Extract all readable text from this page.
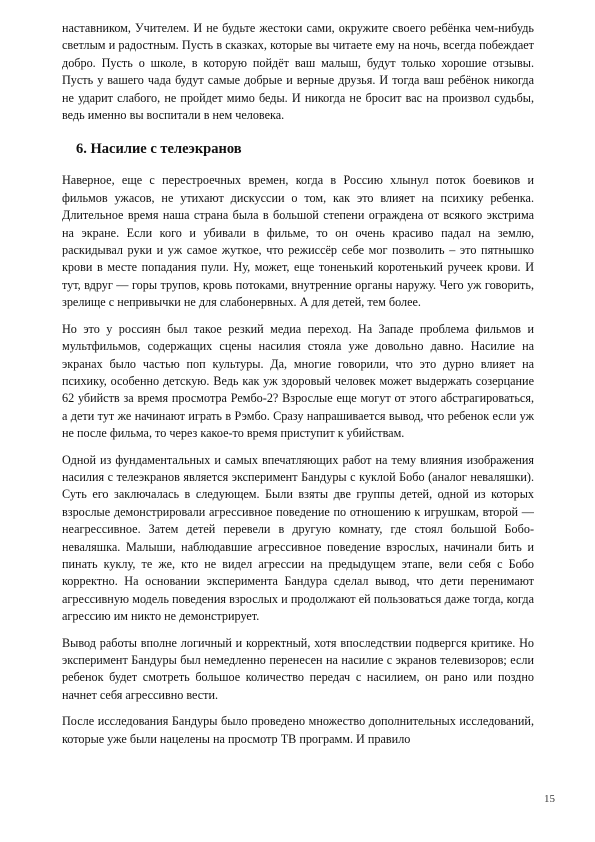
наставником, Учителем. И не будьте жестоки сами, окружите своего ребёнка чем-нибудь светлым и радостным. Пусть в сказках, которые вы читаете ему на ночь, всегда побеждает добро. Пусть о школе, в которую пойдёт ваш малыш, будут только хорошие отзывы. Пусть у вашего чада будут самые добрые и верные друзья. И тогда ваш ребёнок никогда не ударит слабого, не пройдет мимо беды. И никогда не бросит вас на произвол судьбы, ведь именно вы воспитали в нем человека.

6. Насилие с телеэкранов

Наверное, еще с перестроечных времен, когда в Россию хлынул поток боевиков и фильмов ужасов, не утихают дискуссии о том, как это влияет на психику ребенка. Длительное время наша страна была в большой степени ограждена от всякого экстрима на экране. Если кого и убивали в фильме, то он очень красиво падал на землю, раскидывал руки и уж самое жуткое, что режиссёр себе мог позволить – это пятнышко крови в месте попадания пули. Ну, может, еще тоненький коротенький ручеек крови. И тут, вдруг — горы трупов, кровь потоками, внутренние органы наружу. Чего уж говорить, зрелище с непривычки не для слабонервных. А для детей, тем более.

Но это у россиян был такое резкий медиа переход. На Западе проблема фильмов и мультфильмов, содержащих сцены насилия стояла уже довольно давно. Насилие на экранах было частью поп культуры. Да, многие говорили, что это дурно влияет на психику, особенно детскую. Ведь как уж здоровый человек может выдержать созерцание 62 убийств за время просмотра Рембо-2? Взрослые еще могут от этого абстрагироваться, а дети тут же начинают играть в Рэмбо. Сразу напрашивается вывод, что ребенок если уж не после фильма, то через какое-то время приступит к убийствам.

Одной из фундаментальных и самых впечатляющих работ на тему влияния изображения насилия с телеэкранов является эксперимент Бандуры с куклой Бобо (аналог неваляшки). Суть его заключалась в следующем. Были взяты две группы детей, одной из которых взрослые демонстрировали агрессивное поведение по отношению к игрушкам, второй — неагрессивное. Затем детей перевели в другую комнату, где стоял большой Бобо-неваляшка. Малыши, наблюдавшие агрессивное поведение взрослых, начинали бить и пинать куклу, те же, кто не видел агрессии на предыдущем этапе, вели себя с Бобо корректно. На основании эксперимента Бандура сделал вывод, что дети перенимают агрессивную модель поведения взрослых и продолжают ей пользоваться даже тогда, когда агрессию им никто не демонстрирует.

Вывод работы вполне логичный и корректный, хотя впоследствии подвергся критике. Но эксперимент Бандуры был немедленно перенесен на насилие с экранов телевизоров; если ребенок будет смотреть большое количество передач с насилием, он рано или поздно начнет себя агрессивно вести.

После исследования Бандуры было проведено множество дополнительных исследований, которые уже были нацелены на просмотр ТВ программ. И правило

15
